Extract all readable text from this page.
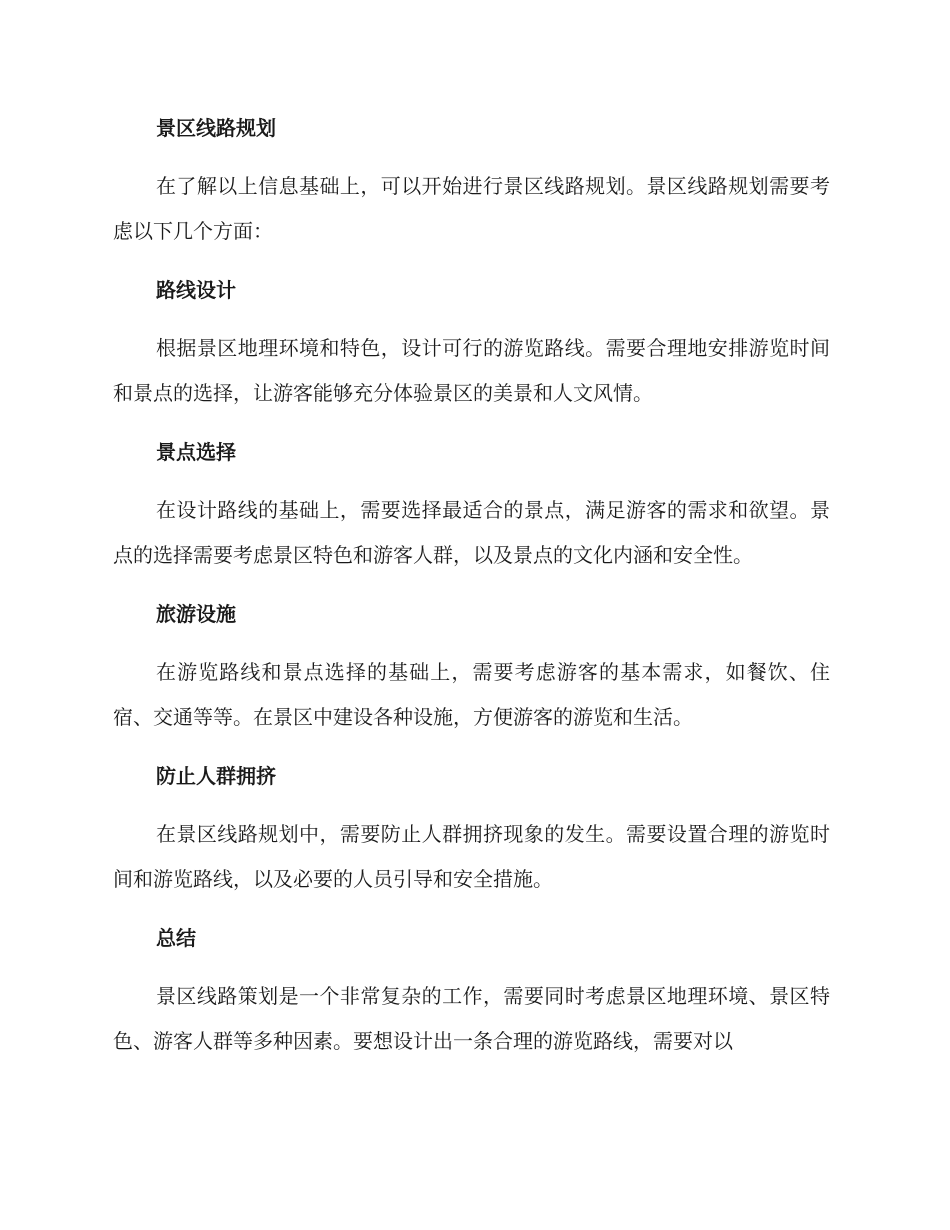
景区线路规划
在了解以上信息基础上，可以开始进行景区线路规划。景区线路规划需要考虑以下几个方面：
路线设计
根据景区地理环境和特色，设计可行的游览路线。需要合理地安排游览时间和景点的选择，让游客能够充分体验景区的美景和人文风情。
景点选择
在设计路线的基础上，需要选择最适合的景点，满足游客的需求和欲望。景点的选择需要考虑景区特色和游客人群，以及景点的文化内涵和安全性。
旅游设施
在游览路线和景点选择的基础上，需要考虑游客的基本需求，如餐饮、住宿、交通等等。在景区中建设各种设施，方便游客的游览和生活。
防止人群拥挤
在景区线路规划中，需要防止人群拥挤现象的发生。需要设置合理的游览时间和游览路线，以及必要的人员引导和安全措施。
总结
景区线路策划是一个非常复杂的工作，需要同时考虑景区地理环境、景区特色、游客人群等多种因素。要想设计出一条合理的游览路线，需要对以
